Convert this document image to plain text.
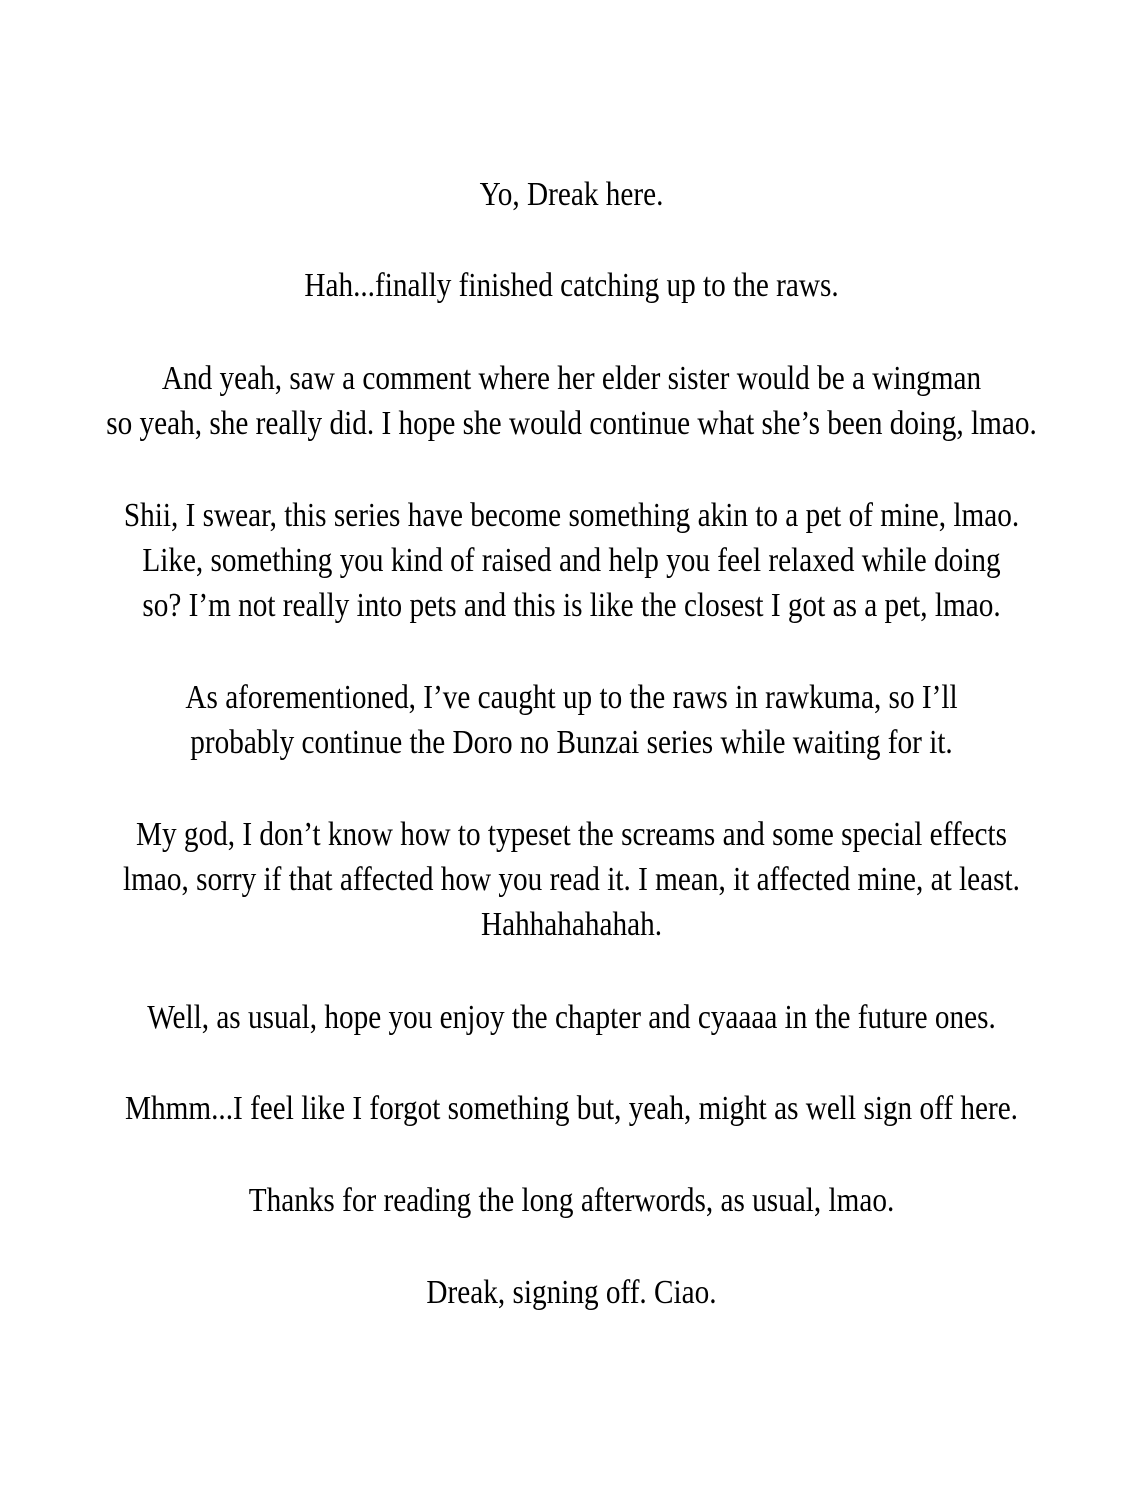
Yo, Dreak here.
Hah...finally finished catching up to the raws.
And yeah, saw a comment where her elder sister would be a wingman
so yeah, she really did. I hope she would continue what she’s been doing, lmao.
Shii, I swear, this series have become something akin to a pet of mine, lmao.
Like, something you kind of raised and help you feel relaxed while doing
so? I’m not really into pets and this is like the closest I got as a pet, lmao.
As aforementioned, I’ve caught up to the raws in rawkuma, so I’ll
probably continue the Doro no Bunzai series while waiting for it.
My god, I don’t know how to typeset the screams and some special effects
lmao, sorry if that affected how you read it. I mean, it affected mine, at least.
Hahhahahahah.
Well, as usual, hope you enjoy the chapter and cyaaaa in the future ones.
Mhmm...I feel like I forgot something but, yeah, might as well sign off here.
Thanks for reading the long afterwords, as usual, lmao.
Dreak, signing off. Ciao.
